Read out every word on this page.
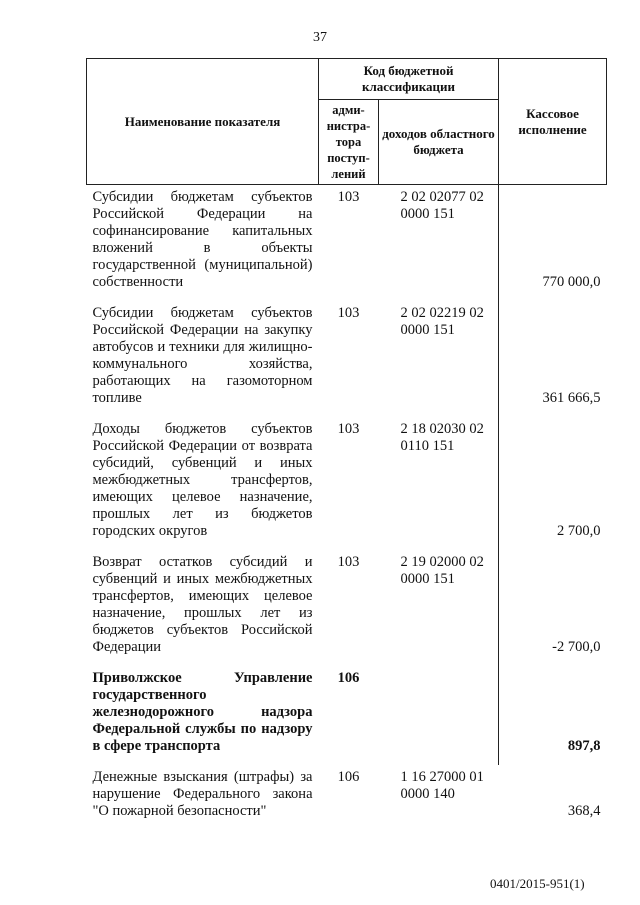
37
Наименование показателя	Код бюджетной классификации		Кассовое исполнение
	адми-нистра-тора поступ-лений	доходов областного бюджета	
Субсидии бюджетам субъектов Российской Федерации на софинансирование капитальных вложений в объекты государственной (муниципальной) собственности	103	2 02 02077 02 0000 151	770 000,0

Субсидии бюджетам субъектов Российской Федерации на закупку автобусов и техники для жилищно-коммунального хозяйства, работающих на газомоторном топливе	103	2 02 02219 02 0000 151	361 666,5

Доходы бюджетов субъектов Российской Федерации от возврата субсидий, субвенций и иных межбюджетных трансфертов, имеющих целевое назначение, прошлых лет из бюджетов городских округов	103	2 18 02030 02 0110 151	2 700,0

Возврат остатков субсидий и субвенций и иных межбюджетных трансфертов, имеющих целевое назначение, прошлых лет из бюджетов субъектов Российской Федерации	103	2 19 02000 02 0000 151	-2 700,0

Приволжское Управление государственного железнодорожного надзора Федеральной службы по надзору в сфере транспорта	106		897,8

Денежные взыскания (штрафы) за нарушение Федерального закона "О пожарной безопасности"	106	1 16 27000 01 0000 140	368,4
0401/2015-951(1)
